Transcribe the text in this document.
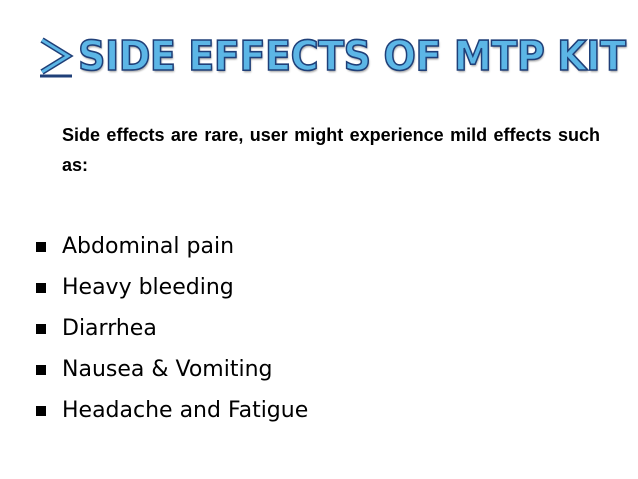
SIDE EFFECTS OF MTP KIT

Side effects are rare, user might experience mild effects such as:

Abdominal pain
Heavy bleeding
Diarrhea
Nausea & Vomiting
Headache and Fatigue
